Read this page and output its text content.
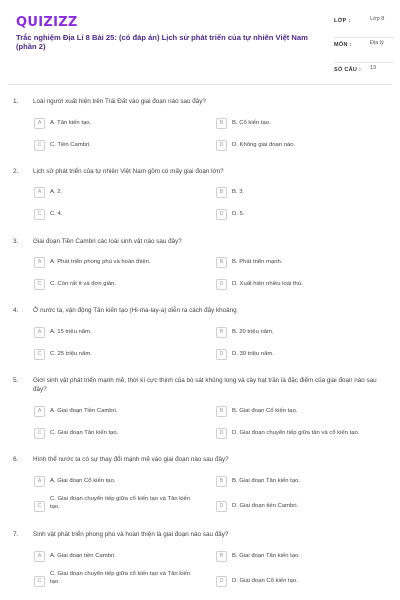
QUIZIZZ
Trắc nghiệm Địa Lí 8 Bài 25: (có đáp án) Lịch sử phát triển của tự nhiên Việt Nam (phần 2)
LỚP :	Lớp 8
MÔN :	Địa lý
SỐ CÂU : 13
1. Loài người xuất hiện trên Trái Đất vào giai đoạn nào sau đây?
A	A. Tân kiến tạo.	B	B. Cổ kiến tạo.
C	C. Tiền Cambri.	D	D. Không giai đoạn nào.
2. Lịch sử phát triển của tự nhiên Việt Nam gồm có mấy giai đoạn lớn?
A	A. 2.	B	B. 3.
C	C. 4.	D	D. 5.
3. Giai đoạn Tiền Cambri các loài sinh vật nào sau đây?
A	A. Phát triển phong phú và hoàn thiện.	B	B. Phát triển mạnh.
C	C. Còn rất ít và đơn giản.	D	D. Xuất hiện nhiều loài thú.
4. Ở nước ta, vận động Tân kiến tạo (Hi-ma-lay-a) diễn ra cách đây khoảng
A	A. 15 triệu năm.	B	B. 20 triệu năm.
C	C. 25 triệu năm.	D	D. 30 triệu năm.
5. Giới sinh vật phát triển mạnh mẽ, thời kì cực thịnh của bò sát khủng long và cây hạt trần là đặc điểm của giai đoạn nào sau đây?
A	A. Giai đoạn Tiền Cambri.	B	B. Giai đoạn Cổ kiến tạo.
C	C. Giai đoạn Tân kiến tạo.	D	D. Giai đoạn chuyển tiếp giữa tân và cổ kiến tạo.
6. Hình thể nước ta có sự thay đổi mạnh mẽ vào giai đoạn nào sau đây?
A	A. Giai đoạn Cổ kiến tạo.	B	B. Giai đoạn Tân kiến tạo.
C
C. Giai đoạn chuyển tiếp giữa cổ kiến tạo và Tân kiến tạo.	D	D. Giai đoạn tiền Cambri.
7. Sinh vật phát triển phong phú và hoàn thiện là giai đoạn nào sau đây?
A	A. Giai đoạn tiền Cambri.	B	B. Giai đoạn Tân kiến tạo.
C
C. Giai đoạn chuyển tiếp giữa cổ kiến tạo và Tân kiến tạo.	D	D. Giai đoạn Cổ kiến tạo.
